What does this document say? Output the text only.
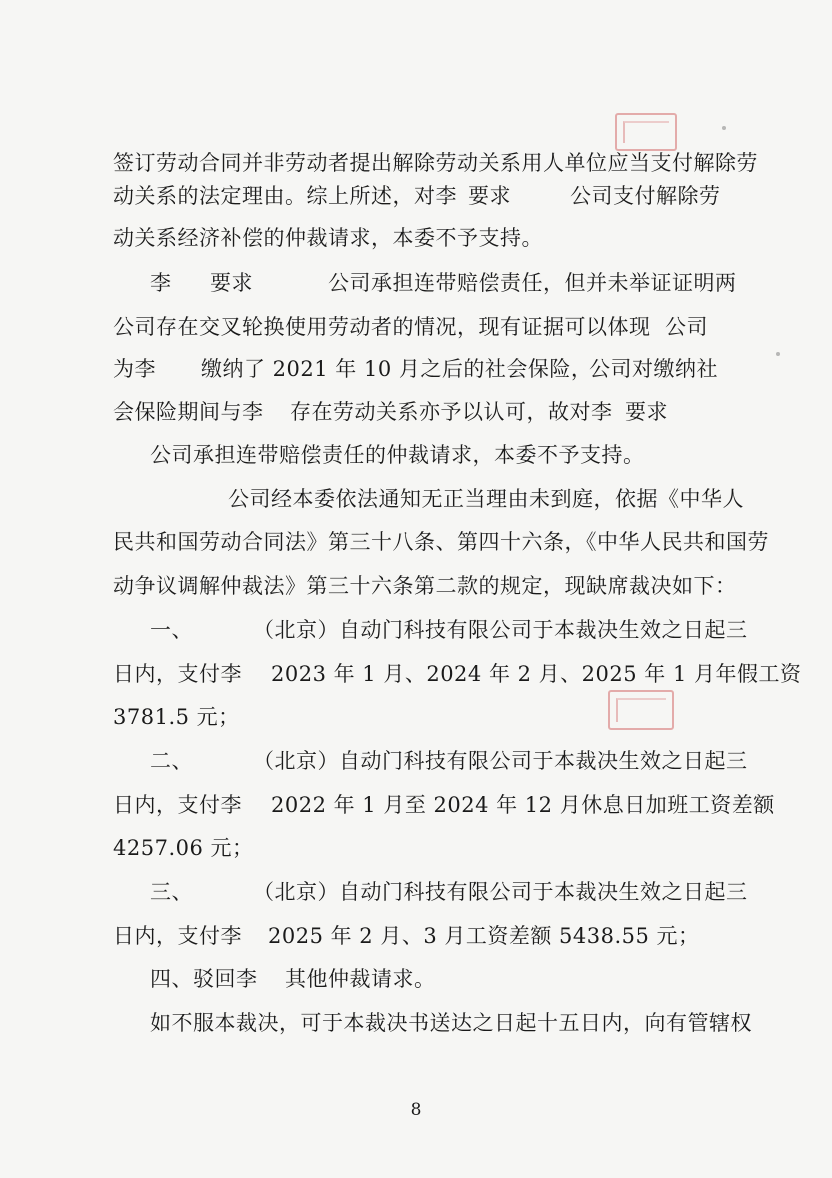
签订劳动合同并非劳动者提出解除劳动关系用人单位应当支付解除劳
动关系的法定理由。综上所述，对李 要求	公司支付解除劳
动关系经济补偿的仲裁请求，本委不予支持。
李 要求	公司承担连带赔偿责任，但并未举证证明两
公司存在交叉轮换使用劳动者的情况，现有证据可以体现 公司
为李 缴纳了 2021 年 10 月之后的社会保险，
公司对缴纳社
会保险期间与李 存在劳动关系亦予以认可，故对李 要求
公司承担连带赔偿责任的仲裁请求，本委不予支持。
公司经本委依法通知无正当理由未到庭，依据《中华人
民共和国劳动合同法》第三十八条、第四十六条，《中华人民共和国劳
动争议调解仲裁法》第三十六条第二款的规定，现缺席裁决如下：
一、	（北京）自动门科技有限公司于本裁决生效之日起三
日内，支付李 2023 年 1 月、2024 年 2 月、2025 年 1 月年假工资
3781.5 元；
二、	（北京）自动门科技有限公司于本裁决生效之日起三
日内，支付李 2022 年 1 月至 2024 年 12 月休息日加班工资差额
4257.06 元；
三、	（北京）自动门科技有限公司于本裁决生效之日起三
日内，支付李 2025 年 2 月、3 月工资差额 5438.55 元；
四、驳回李 其他仲裁请求。
如不服本裁决，可于本裁决书送达之日起十五日内，向有管辖权
8
